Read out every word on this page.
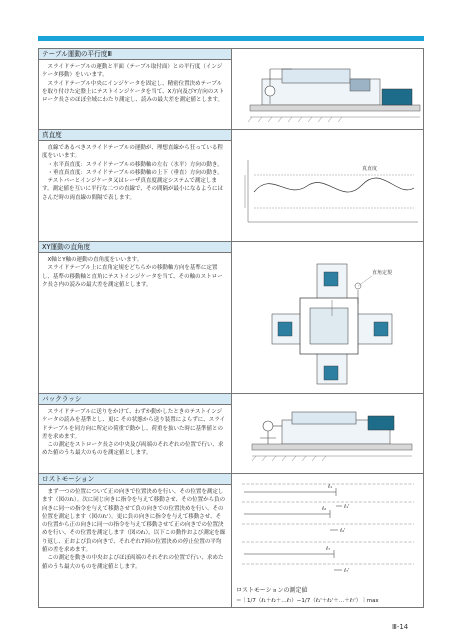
テーブル運動の平行度Ⅲ
　スライドテーブルの運動と平面（テーブル取付面）との平行度（インジケータ移動）をいいます。
　スライドテーブル中央にインジケータを固定し、精密位置決めテーブルを取り付けた定盤上にテストインジケータを当て、X方向及びY方向のストローク長さのほぼ全域にわたり測定し、読みの最大差を測定値とします。
真直度
　直線であるべきスライドテーブルの運動が、理想直線から狂っている程度をいいます。
　・水平真直度：スライドテーブルの移動軸の左右（水平）方向の動き。
　・垂直真直度：スライドテーブルの移動軸の上下（垂直）方向の動き。
　テストバーとインジケータ又はレーザ真直度測定システムで測定します。測定値を互いに平行な二つの直線で、その間隔が最小になるようにはさんだ時の両直線の間隔で表します。
真直度
XY運動の直角度
　X軸とY軸の運動の直角度をいいます。
　スライドテーブル上に直角定規をどちらかの移動軸方向を基準に定置し、基準の移動軸と直角にテストインジケータを当て、その軸のストローク長さ内の読みの最大差を測定値とします。
直角定規
バックラッシ
　スライドテーブルに送りをかけて、わずか動かしたときのテストインジケータの読みを基準とし、更に その状態から送り装置によらずに、スライドテーブルを同方向に所定の荷重で動かし、荷重を抜いた時に基準値との差を求めます。
　この測定をストローク長さの中央及び両端のそれぞれの位置で行い、求めた値のうち最大のものを測定値とします。
ロストモーション
　まず一つの位置について正の向きで位置決めを行い、その位置を測定します（図のℓ₁）。次に同じ向きに指令を与えて移動させ、その位置から負の向きに同一の指令を与えて移動させて負の向きでの位置決めを行い、その位置を測定します（図のℓ₁'）。更に負の向きに指令を与えて移動させ、その位置から正の向きに同一の指令を与えて移動させて正の向きでの位置決めを行い、その位置を測定します（図のℓ₁）。以下この動作および測定を繰り返し、正および負の向きで、それぞれ7回の位置決めの停止位置の平均値の差を求めます。
　この測定を動きの中央およびほぼ両端のそれぞれの位置で行い、求めた値のうち最大のものを測定値とします。
ℓ₁
ℓ₁'
ℓ₂
ℓ₂'
ℓ₇
ℓ₇'
ロストモーションの測定値
＝｜1/7（ℓ₁＋ℓ₂＋…ℓ₇）−1/7（ℓ₁'＋ℓ₂'＋…＋ℓ₇'）｜max
Ⅲ-14
